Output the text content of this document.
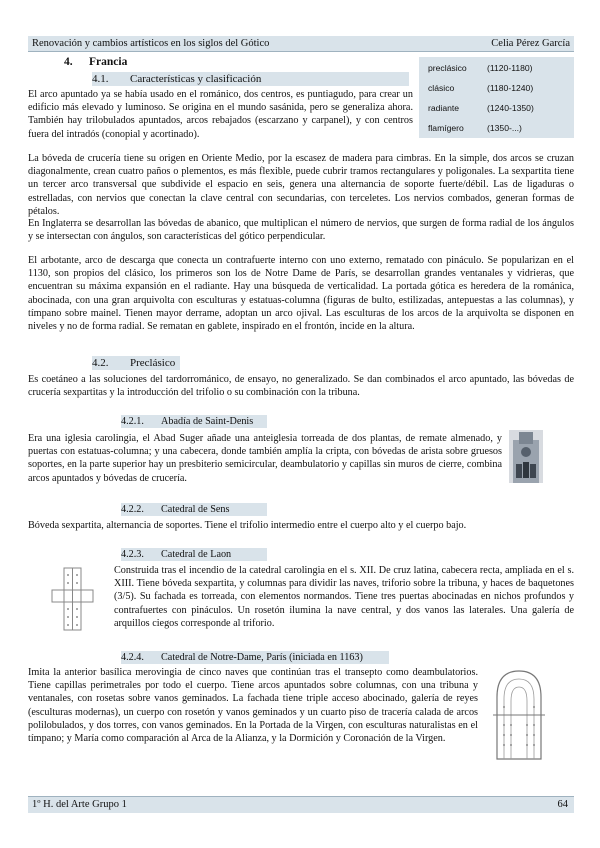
Renovación y cambios artísticos en los siglos del Gótico	Celia Pérez García
4. Francia
4.1. Características y clasificación
preclásico (1120-1180)
clásico	(1180-1240)
radiante	(1240-1350)
flamígero	(1350-...)

El arco apuntado ya se había usado en el románico, dos centros, es puntiagudo, para crear un edificio más elevado y luminoso. Se origina en el mundo sasánida, pero se generaliza ahora. También hay trilobulados apuntados, arcos rebajados (escarzano y carpanel), y con centros fuera del intradós (conopial y acortinado).

La bóveda de crucería tiene su origen en Oriente Medio, por la escasez de madera para cimbras. En la simple, dos arcos se cruzan diagonalmente, crean cuatro paños o plementos, es más flexible, puede cubrir tramos rectangulares y poligonales. La sexpartita tiene un tercer arco transversal que subdivide el espacio en seis, genera una alternancia de soporte fuerte/débil. Las de ligaduras o estrelladas, con nervios que conectan la clave central con secundarias, con terceletes. Los nervios combados, generan formas de pétalos.

En Inglaterra se desarrollan las bóvedas de abanico, que multiplican el número de nervios, que surgen de forma radial de los ángulos y se intersectan con ángulos, son características del gótico perpendicular.

El arbotante, arco de descarga que conecta un contrafuerte interno con uno externo, rematado con pináculo. Se popularizan en el 1130, son propios del clásico, los primeros son los de Notre Dame de París, se desarrollan grandes ventanales y vidrieras, que encuentran su máxima expansión en el radiante. Hay una búsqueda de verticalidad. La portada gótica es heredera de la románica, abocinada, con una gran arquivolta con esculturas y estatuas-columna (figuras de bulto, estilizadas, antepuestas a las columnas), y tímpano sobre mainel. Tienen mayor derrame, adoptan un arco ojival. Las esculturas de los arcos de la arquivolta se disponen en niveles y no de forma radial. Se rematan en gablete, inspirado en el frontón, incide en la altura.

4.2. Preclásico

Es coetáneo a las soluciones del tardorrománico, de ensayo, no generalizado. Se dan combinados el arco apuntado, las bóvedas de crucería sexpartitas y la introducción del trifolio o su combinación con la tribuna.

4.2.1. Abadía de Saint-Denis

Era una iglesia carolingia, el Abad Suger añade una anteiglesia torreada de dos plantas, de remate almenado, y puertas con estatuas-columna; y una cabecera, donde también amplía la cripta, con bóvedas de arista sobre gruesos soportes, en la parte superior hay un presbiterio semicircular, deambulatorio y capillas sin muros de cierre, combina arcos apuntados y bóvedas de crucería.

4.2.2. Catedral de Sens

Bóveda sexpartita, alternancia de soportes. Tiene el trifolio intermedio entre el cuerpo alto y el cuerpo bajo.

4.2.3. Catedral de Laon

Construida tras el incendio de la catedral carolingia en el s. XII. De cruz latina, cabecera recta, ampliada en el s. XIII. Tiene bóveda sexpartita, y columnas para dividir las naves, triforio sobre la tribuna, y haces de baquetones (3/5). Su fachada es torreada, con elementos normandos. Tiene tres puertas abocinadas en nichos profundos y contrafuertes con pináculos. Un rosetón ilumina la nave central, y dos vanos las laterales. Una galería de arquillos ciegos corresponde al triforio.

4.2.4. Catedral de Notre-Dame, París (iniciada en 1163)

Imita la anterior basílica merovingia de cinco naves que continúan tras el transepto como deambulatorios. Tiene capillas perimetrales por todo el cuerpo. Tiene arcos apuntados sobre columnas, con una tribuna y ventanales, con rosetas sobre vanos geminados. La fachada tiene triple acceso abocinado, galería de reyes (esculturas modernas), un cuerpo con rosetón y vanos geminados y un cuarto piso de tracería calada de arcos polilobulados, y dos torres, con vanos geminados. En la Portada de la Virgen, con esculturas naturalistas en el tímpano; y María como comparación al Arca de la Alianza, y la Dormición y Coronación de la Virgen.

1º H. del Arte Grupo 1	64
